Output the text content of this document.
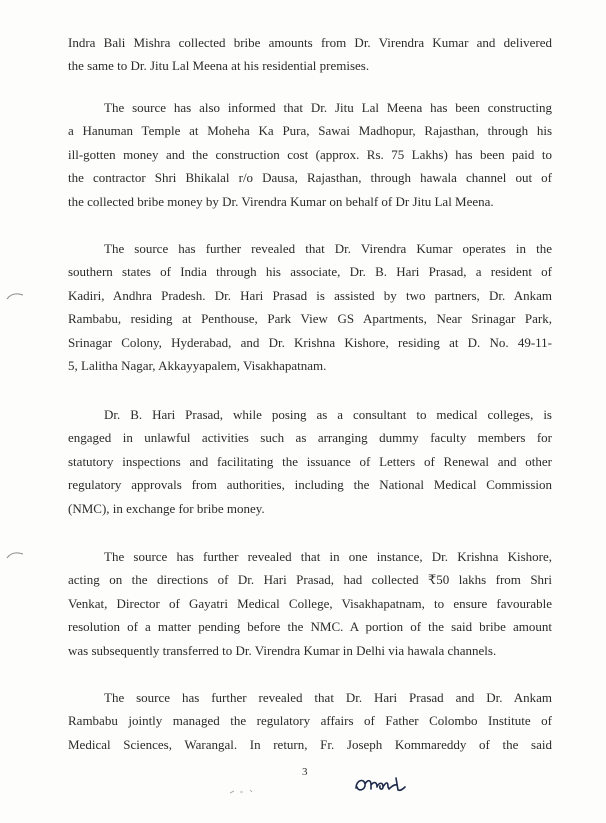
Indra Bali Mishra collected bribe amounts from Dr. Virendra Kumar and delivered
the same to Dr. Jitu Lal Meena at his residential premises.

The source has also informed that Dr. Jitu Lal Meena has been constructing
a Hanuman Temple at Moheha Ka Pura, Sawai Madhopur, Rajasthan, through his
ill-gotten money and the construction cost (approx. Rs. 75 Lakhs) has been paid to
the contractor Shri Bhikalal r/o Dausa, Rajasthan, through hawala channel out of
the collected bribe money by Dr. Virendra Kumar on behalf of Dr Jitu Lal Meena.

The source has further revealed that Dr. Virendra Kumar operates in the
southern states of India through his associate, Dr. B. Hari Prasad, a resident of
Kadiri, Andhra Pradesh. Dr. Hari Prasad is assisted by two partners, Dr. Ankam
Rambabu, residing at Penthouse, Park View GS Apartments, Near Srinagar Park,
Srinagar Colony, Hyderabad, and Dr. Krishna Kishore, residing at D. No. 49-11-
5, Lalitha Nagar, Akkayyapalem, Visakhapatnam.

Dr. B. Hari Prasad, while posing as a consultant to medical colleges, is
engaged in unlawful activities such as arranging dummy faculty members for
statutory inspections and facilitating the issuance of Letters of Renewal and other
regulatory approvals from authorities, including the National Medical Commission
(NMC), in exchange for bribe money.

The source has further revealed that in one instance, Dr. Krishna Kishore,
acting on the directions of Dr. Hari Prasad, had collected ₹50 lakhs from Shri
Venkat, Director of Gayatri Medical College, Visakhapatnam, to ensure favourable
resolution of a matter pending before the NMC. A portion of the said bribe amount
was subsequently transferred to Dr. Virendra Kumar in Delhi via hawala channels.

The source has further revealed that Dr. Hari Prasad and Dr. Ankam
Rambabu jointly managed the regulatory affairs of Father Colombo Institute of
Medical Sciences, Warangal. In return, Fr. Joseph Kommareddy of the said

3
